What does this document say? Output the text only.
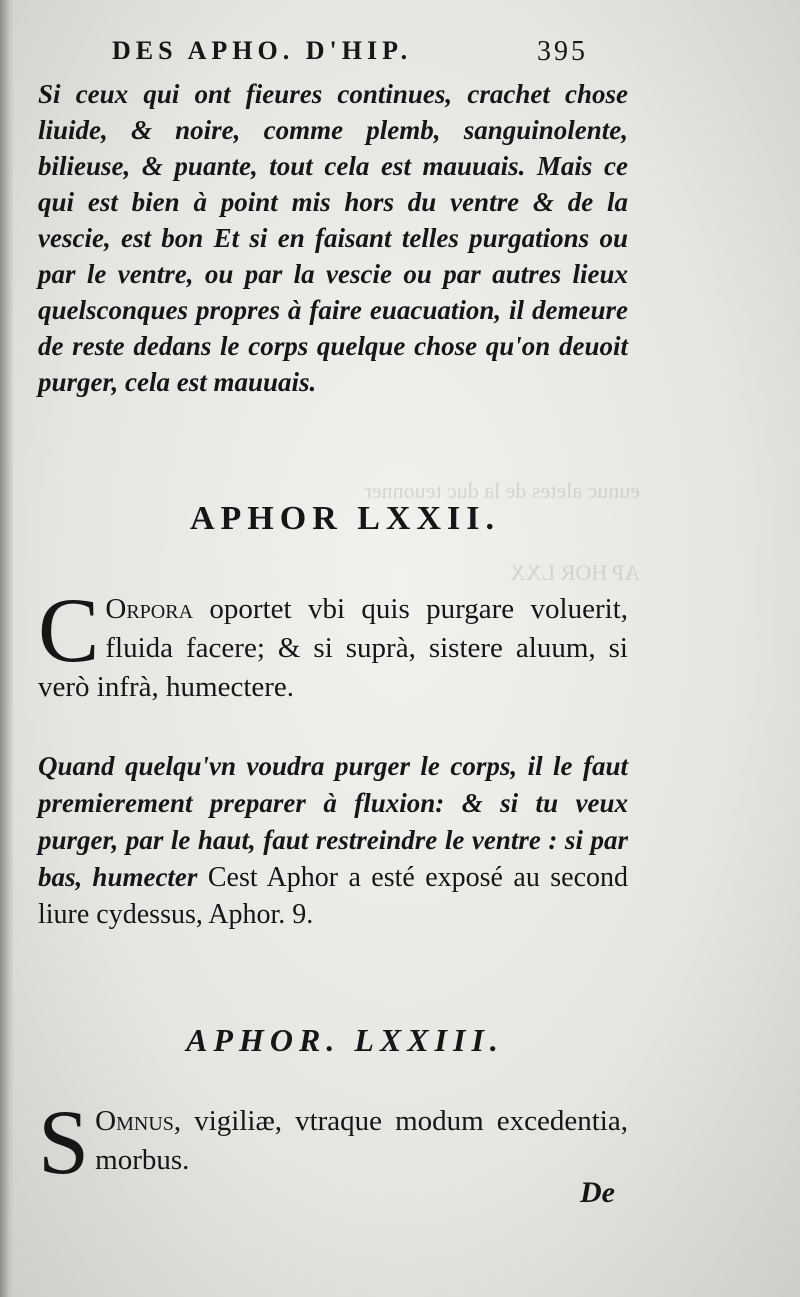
eunuc aletes de la duc teuonner
AP HOR LXX
DES APHO. D'HIP.	395

Si ceux qui ont fieures continues, crachet chose liuide, & noire, comme plemb, sanguinolente, bilieuse, & puante, tout cela est mauuais. Mais ce qui est bien à point mis hors du ventre & de la vescie, est bon Et si en faisant telles purgations ou par le ventre, ou par la vescie ou par autres lieux quelsconques propres à faire euacuation, il demeure de reste dedans le corps quelque chose qu'on deuoit purger, cela est mauuais.

APHOR LXXII.

C Orpora oportet vbi quis purgare voluerit, fluida facere; & si suprà, sistere aluum, si verò infrà, humectere.

Quand quelqu'vn voudra purger le corps, il le faut premierement preparer à fluxion: & si tu veux purger, par le haut, faut restreindre le ventre : si par bas, humecter Cest Aphor a esté exposé au second liure cydessus, Aphor. 9.

APHOR. LXXIII.

S Omnus, vigiliæ, vtraque modum excedentia, morbus.

De
